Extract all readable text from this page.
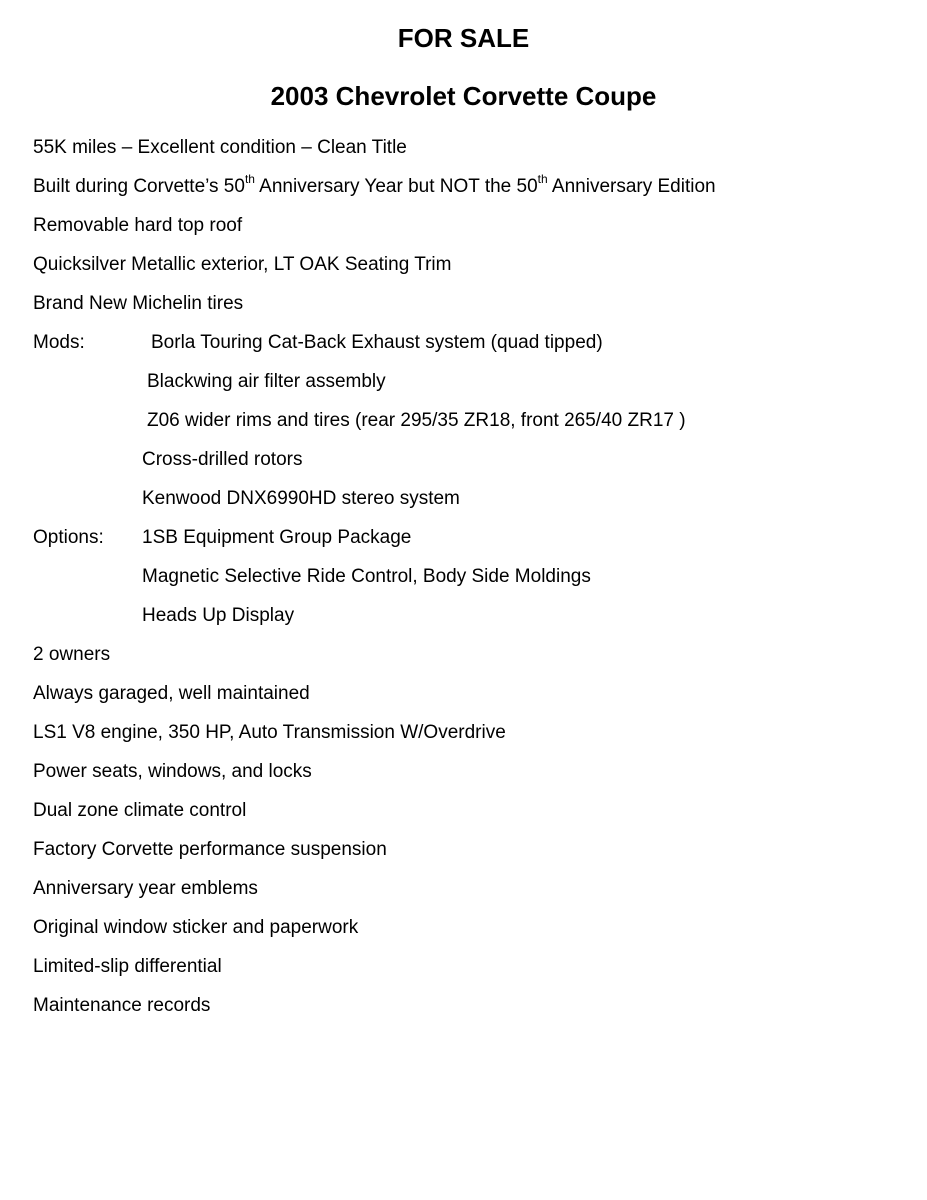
FOR SALE
2003 Chevrolet Corvette Coupe

55K miles – Excellent condition – Clean Title

Built during Corvette’s 50th Anniversary Year but NOT the 50th Anniversary Edition

Removable hard top roof

Quicksilver Metallic exterior, LT OAK Seating Trim

Brand New Michelin tires

Mods:	Borla Touring Cat-Back Exhaust system (quad tipped)

Blackwing air filter assembly

Z06 wider rims and tires (rear 295/35 ZR18, front 265/40 ZR17 )

Cross-drilled rotors

Kenwood DNX6990HD stereo system

Options: 1SB Equipment Group Package

Magnetic Selective Ride Control, Body Side Moldings

Heads Up Display

2 owners

Always garaged, well maintained

LS1 V8 engine, 350 HP, Auto Transmission W/Overdrive

Power seats, windows, and locks

Dual zone climate control

Factory Corvette performance suspension

Anniversary year emblems

Original window sticker and paperwork

Limited-slip differential

Maintenance records
